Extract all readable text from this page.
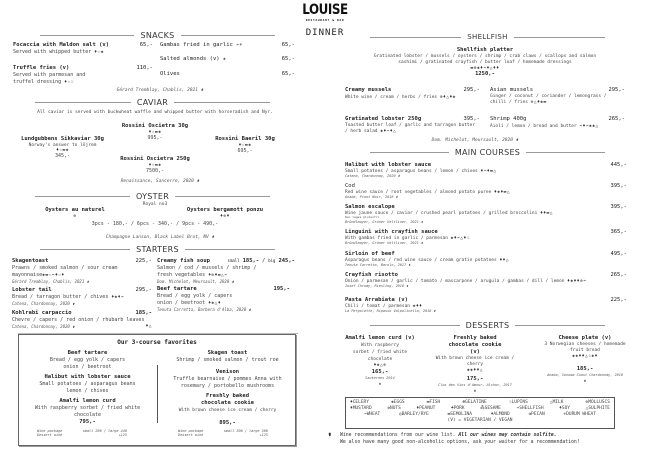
LOUISE
RESTAURANT & BAR
DINNER
SNACKS
Focaccia with Maldon salt (v)	65,-
Served with whipped butter ♦☆◈
Truffle fries (v)	110,-
Served with parmesan and truffel dressing ♦☆♧
Gambas fried in garlic ♒⚘	65,-
Salted almonds (v) ⬗	65,-
Olives	65,-
Gérard Tremblay, Chablis, 2021 ⚱
CAVIAR
All caviar is served with buckwheat waffle and whipped butter with horseradish and Nyr.
Rossini Oscietra 30g
♦☆▬◈
995,-
Lundgubbens Sikkaviar 30g
Norway's answer to löjrom
♦☆▬◈
345,-
Rossini Baeril 30g
♦☆▬◈
695,-
Rossini Oscietra 250g
♦☆▬◈
7500,-
Renaissance, Sancerre, 2020 ⚱
OYSTER
Royal no3
Oysters au naturel
⊕
Oysters bergamott ponzu
♦⊕♦
3pcs - 180,- / 6pcs - 340,- / 9pcs - 490,-
Champagne Lanson, Black Label Brut, NV ⚱
STARTERS
Skagentoast	225,-
Prawns / smoked salmon / sour cream mayonnaise◈▬☆♒♦☆♦
Gérard Tremblay, Chablis, 2021 ⚱
Lobster tail	295,-
Bread / tarragon butter / chives ♦◈♦♒
Catena, Chardonnay, 2020 ⚱
Kohlrabi carpaccio	185,-
Chevre / capers / red onion / rhubarb leaves
Catena, Chardonnay, 2020 ⚱	♦△
Creamy fish soup	small 185,- / big 245,-
Salmon / cod / mussels / shrimp / fresh vegetables ♦⊕♦▬△♒
Dom. Michelot, Meursault, 2020 ⚱
Beef tartare	195,-
Bread / egg yolk / capers onion / beetroot ♦◈△♦
Tenuta Carretta, Barbera d'Alba, 2020 ⚱
Our 3-course favorites
Beef tartare
Bread / egg yolk / capers onion / beetroot
Halibut with lobster sauce
Small potatoes / asparagus beans lemon / chives
Amalfi lemon curd
With raspberry sorbet / fried white chocolate
795,-
Wine package	small 280 / large 440
Dessert wine	+125
Skagen toast
Shrimp / smoked salmon / trout roe
Venison
Truffle bearnaise / pommes Anna with rosemary / portobello mushrooms
Freshly baked chocolate cookie
With brown cheese ice cream / cherry
895,-
Wine package	small 300 / large 500
Dessert wine	+125
SHELLFISH
Shellfish platter
Gratinated lobster / mussels / oysters / shrimp / crab claws / scallops and salmon sashimi / gratinated crayfish / butter loaf / homemade dressings
▬⊕◈♦♒♦△♦♦
1250,-
Creamy mussels	295,-
White wine / cream / herbs / fries ⊕♦△♦◈
Asian mussels	295,-
Ginger / coconut / coriander / lemongrass / chilli / fries ⊕△♦◈▬
Gratinated lobster 250g	395,-
Toasted butter loaf / garlic and tarragon butter / herb salad ◈♦♒♦△
Shrimp 400g	265,-
Aioli / lemon / bread and butter ♒♦♒◈◈△
Dom. Michelot, Meursault, 2020 ⚱
MAIN COURSES
Halibut with lobster sauce	445,-
Small potatoes / asparagus beans / lemon / chives ♦♒♦▬△
Catena, Chardonnay, 2020 ⚱
Cod	395,-
Red wine sauce / root vegetables / almond potato puree ♦◈♦▬△
Anaba, Pinot Noir, 2018 ⚱
Salmon escalope	395,-
Wine jaune sauce / caviar / crushed pearl potatoes / grilled broccolini ♦♦▬△
Kan lages glutenfri
Bründlmayer, Grüner Veltliner, 2021 ⚱
Linguini with crayfish sauce	365,-
With gambas fried in garlic / parmesan ◈♦♒△♦♧
Bründlmayer, Grüner Veltliner, 2021 ⚱
Sirloin of beef	495,-
Asparagus beans / red wine sauce / cream gratin potatoes ♦♦△
Tenuta Carretta, Barolo, 2017 ⚱
Crayfish risotto	265,-
Onion / parmesan / garlic / tomato / mascarpone / arugula / gambas / dill / lemon ♦◈♦♦⊕♒
Josef Chromy, Riesling, 2018 ⚱
Pasta Arrabiata (v)	225,-
Chili / tomat / parmesan ◈♦♦
La Pergolette, Ripasso Valpolicella, 2018 ⚱
DESSERTS
Amalfi lemon curd (v)
With raspberry sorbet / fried white chocolate
♦◈△⊕
165,-
Sauternes 2014
⚱
Freshly baked chocolate cookie (v)
With brown cheese ice cream / cherry
◈◈♦♦△
175,-
Clos des Vins d'Amour, Alchov, 2017
⚱
Cheese plate (v)
3 Norwegian cheeses / homemade fruit bread
◈◈♦♦△♧◈♦
185,-
Anaba, Sonoma Coast Chardonnay, 2018
⚱
♦CELERY	◈EGGS	▬FISH	⊛GELATINE	♧LUPINS	△MILK	⊕MOLLUSCS
♦MUSTARD	⬗NUTS	♦PEANUT	♠PORK	⁂SESAME	♒SHELLFISH	♦SOY	△SULPHITE
♒WHEAT	◎BARLEY/RYE	▬SEMOLINA	♦ALMOND	⬗PECAN	✢DURUM WHEAT
(V) = VEGETARIAN / VEGAN
⚱	Wine recommendations from our wine list. All our wines may contain sulfite.
We also have many good non-alcoholic options, ask your waiter for a recommendation!
